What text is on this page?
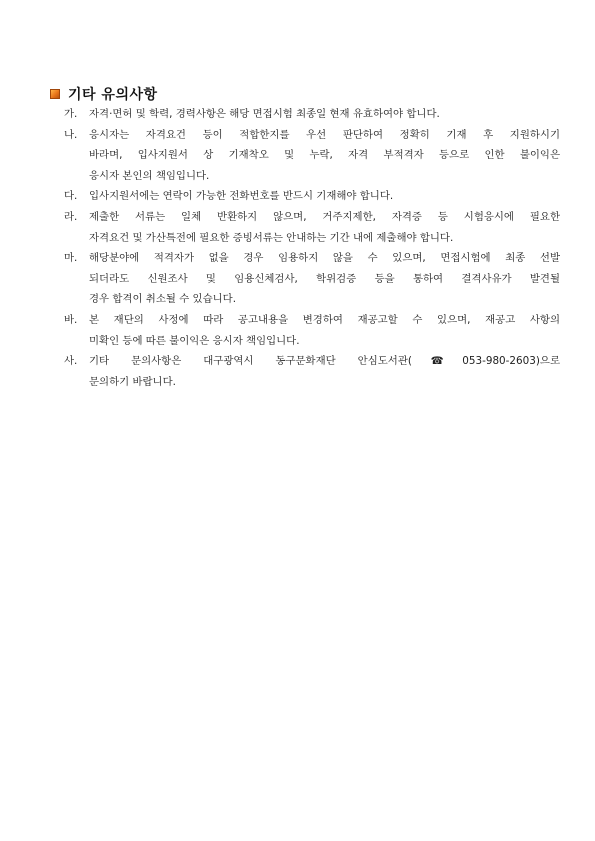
기타 유의사항
가.	자격·면허 및 학력, 경력사항은 해당 면접시험 최종일 현재 유효하여야 합니다.
나.	응시자는 자격요건 등이 적합한지를 우선 판단하여 정확히 기재 후 지원하시기
바라며, 입사지원서 상 기재착오 및 누락, 자격 부적격자 등으로 인한 불이익은
응시자 본인의 책임입니다.
다.	입사지원서에는 연락이 가능한 전화번호를 반드시 기재해야 합니다.
라.	제출한 서류는 일체 반환하지 않으며, 거주지제한, 자격증 등 시험응시에 필요한
자격요건 및 가산특전에 필요한 증빙서류는 안내하는 기간 내에 제출해야 합니다.
마.	해당분야에 적격자가 없을 경우 임용하지 않을 수 있으며, 면접시험에 최종 선발
되더라도 신원조사 및 임용신체검사, 학위검증 등을 통하여 결격사유가 발견될
경우 합격이 취소될 수 있습니다.
바.	본 재단의 사정에 따라 공고내용을 변경하여 재공고할 수 있으며, 재공고 사항의
미확인 등에 따른 불이익은 응시자 책임입니다.
사.	기타 문의사항은 대구광역시 동구문화재단 안심도서관(☎053-980-2603)으로
문의하기 바랍니다.
